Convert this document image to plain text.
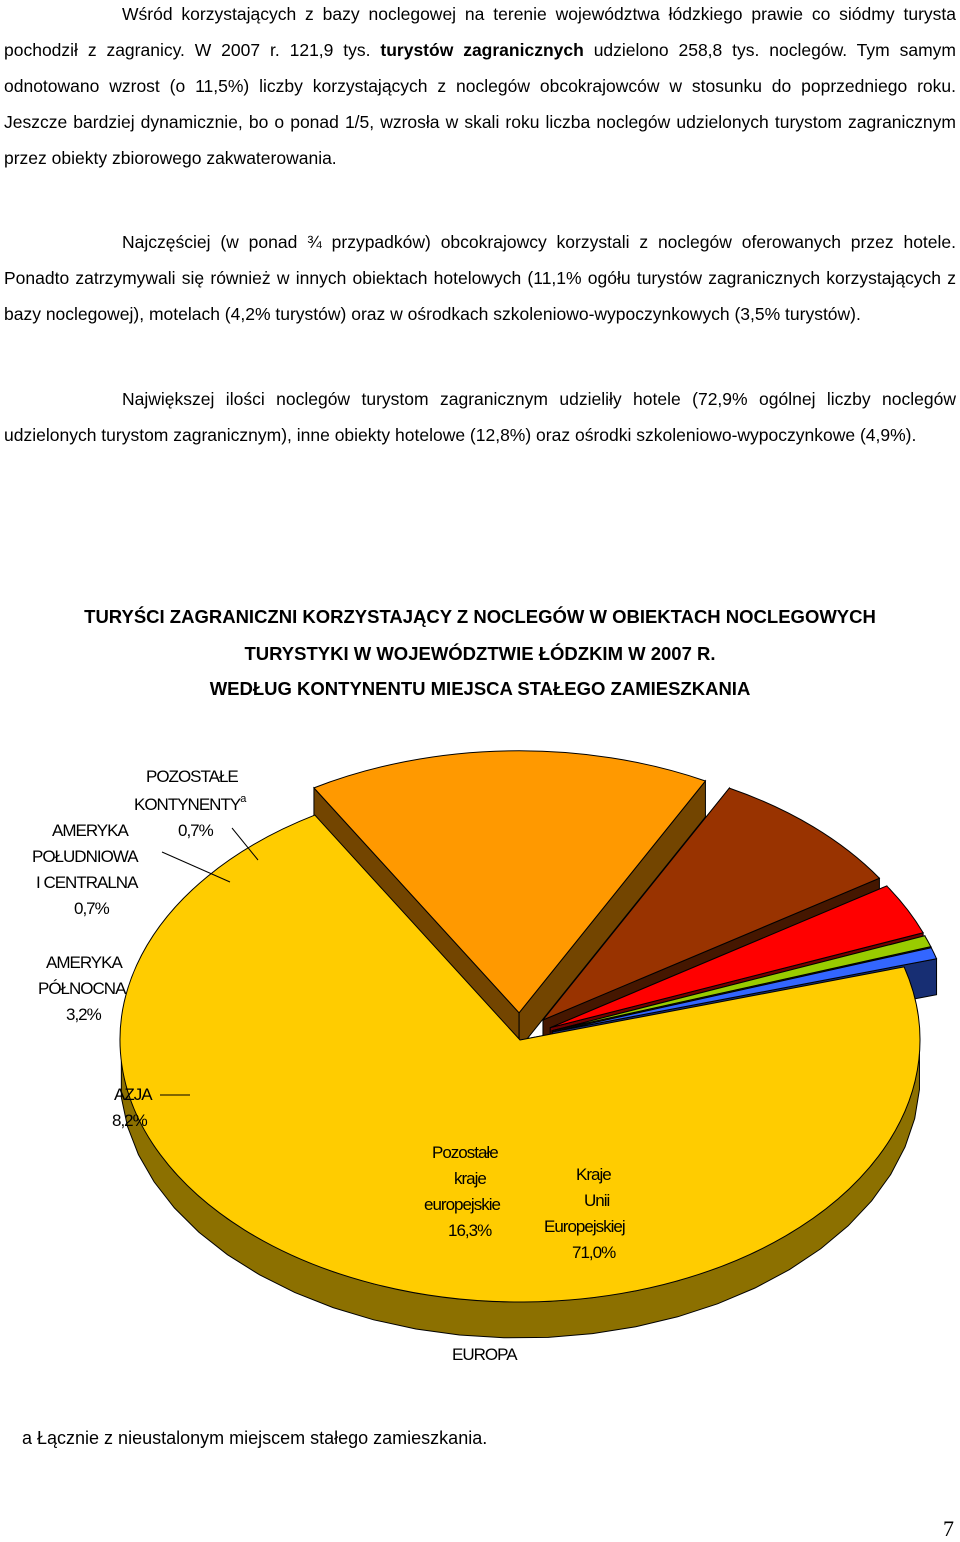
Wśród korzystających z bazy noclegowej na terenie województwa łódzkiego prawie co siódmy turysta pochodził z zagranicy. W 2007 r. 121,9 tys. turystów zagranicznych udzielono 258,8 tys. noclegów. Tym samym odnotowano wzrost (o 11,5%) liczby korzystających z noclegów obcokrajowców w stosunku do poprzedniego roku. Jeszcze bardziej dynamicznie, bo o ponad 1/5, wzrosła w skali roku liczba noclegów udzielonych turystom zagranicznym przez obiekty zbiorowego zakwaterowania.
Najczęściej (w ponad ¾ przypadków) obcokrajowcy korzystali z noclegów oferowanych przez hotele. Ponadto zatrzymywali się również w innych obiektach hotelowych (11,1% ogółu turystów zagranicznych korzystających z bazy noclegowej), motelach (4,2% turystów) oraz w ośrodkach szkoleniowo-wypoczynkowych (3,5% turystów).
Największej ilości noclegów turystom zagranicznym udzieliły hotele (72,9% ogólnej liczby noclegów udzielonych turystom zagranicznym), inne obiekty hotelowe (12,8%) oraz ośrodki szkoleniowo-wypoczynkowe (4,9%).
TURYŚCI ZAGRANICZNI KORZYSTAJĄCY Z NOCLEGÓW W OBIEKTACH NOCLEGOWYCH
TURYSTYKI W WOJEWÓDZTWIE ŁÓDZKIM W 2007 R.
WEDŁUG KONTYNENTU MIEJSCA STAŁEGO ZAMIESZKANIA
POZOSTAŁE
KONTYNENTY$^a$
0,7%
AMERYKA
POŁUDNIOWA
I CENTRALNA
0,7%
AMERYKA
PÓŁNOCNA
3,2%
AZJA
8,2%
Pozostałe
kraje
europejskie
16,3%
Kraje
Unii
Europejskiej
71,0%
EUROPA
a Łącznie z nieustalonym miejscem stałego zamieszkania.
7
